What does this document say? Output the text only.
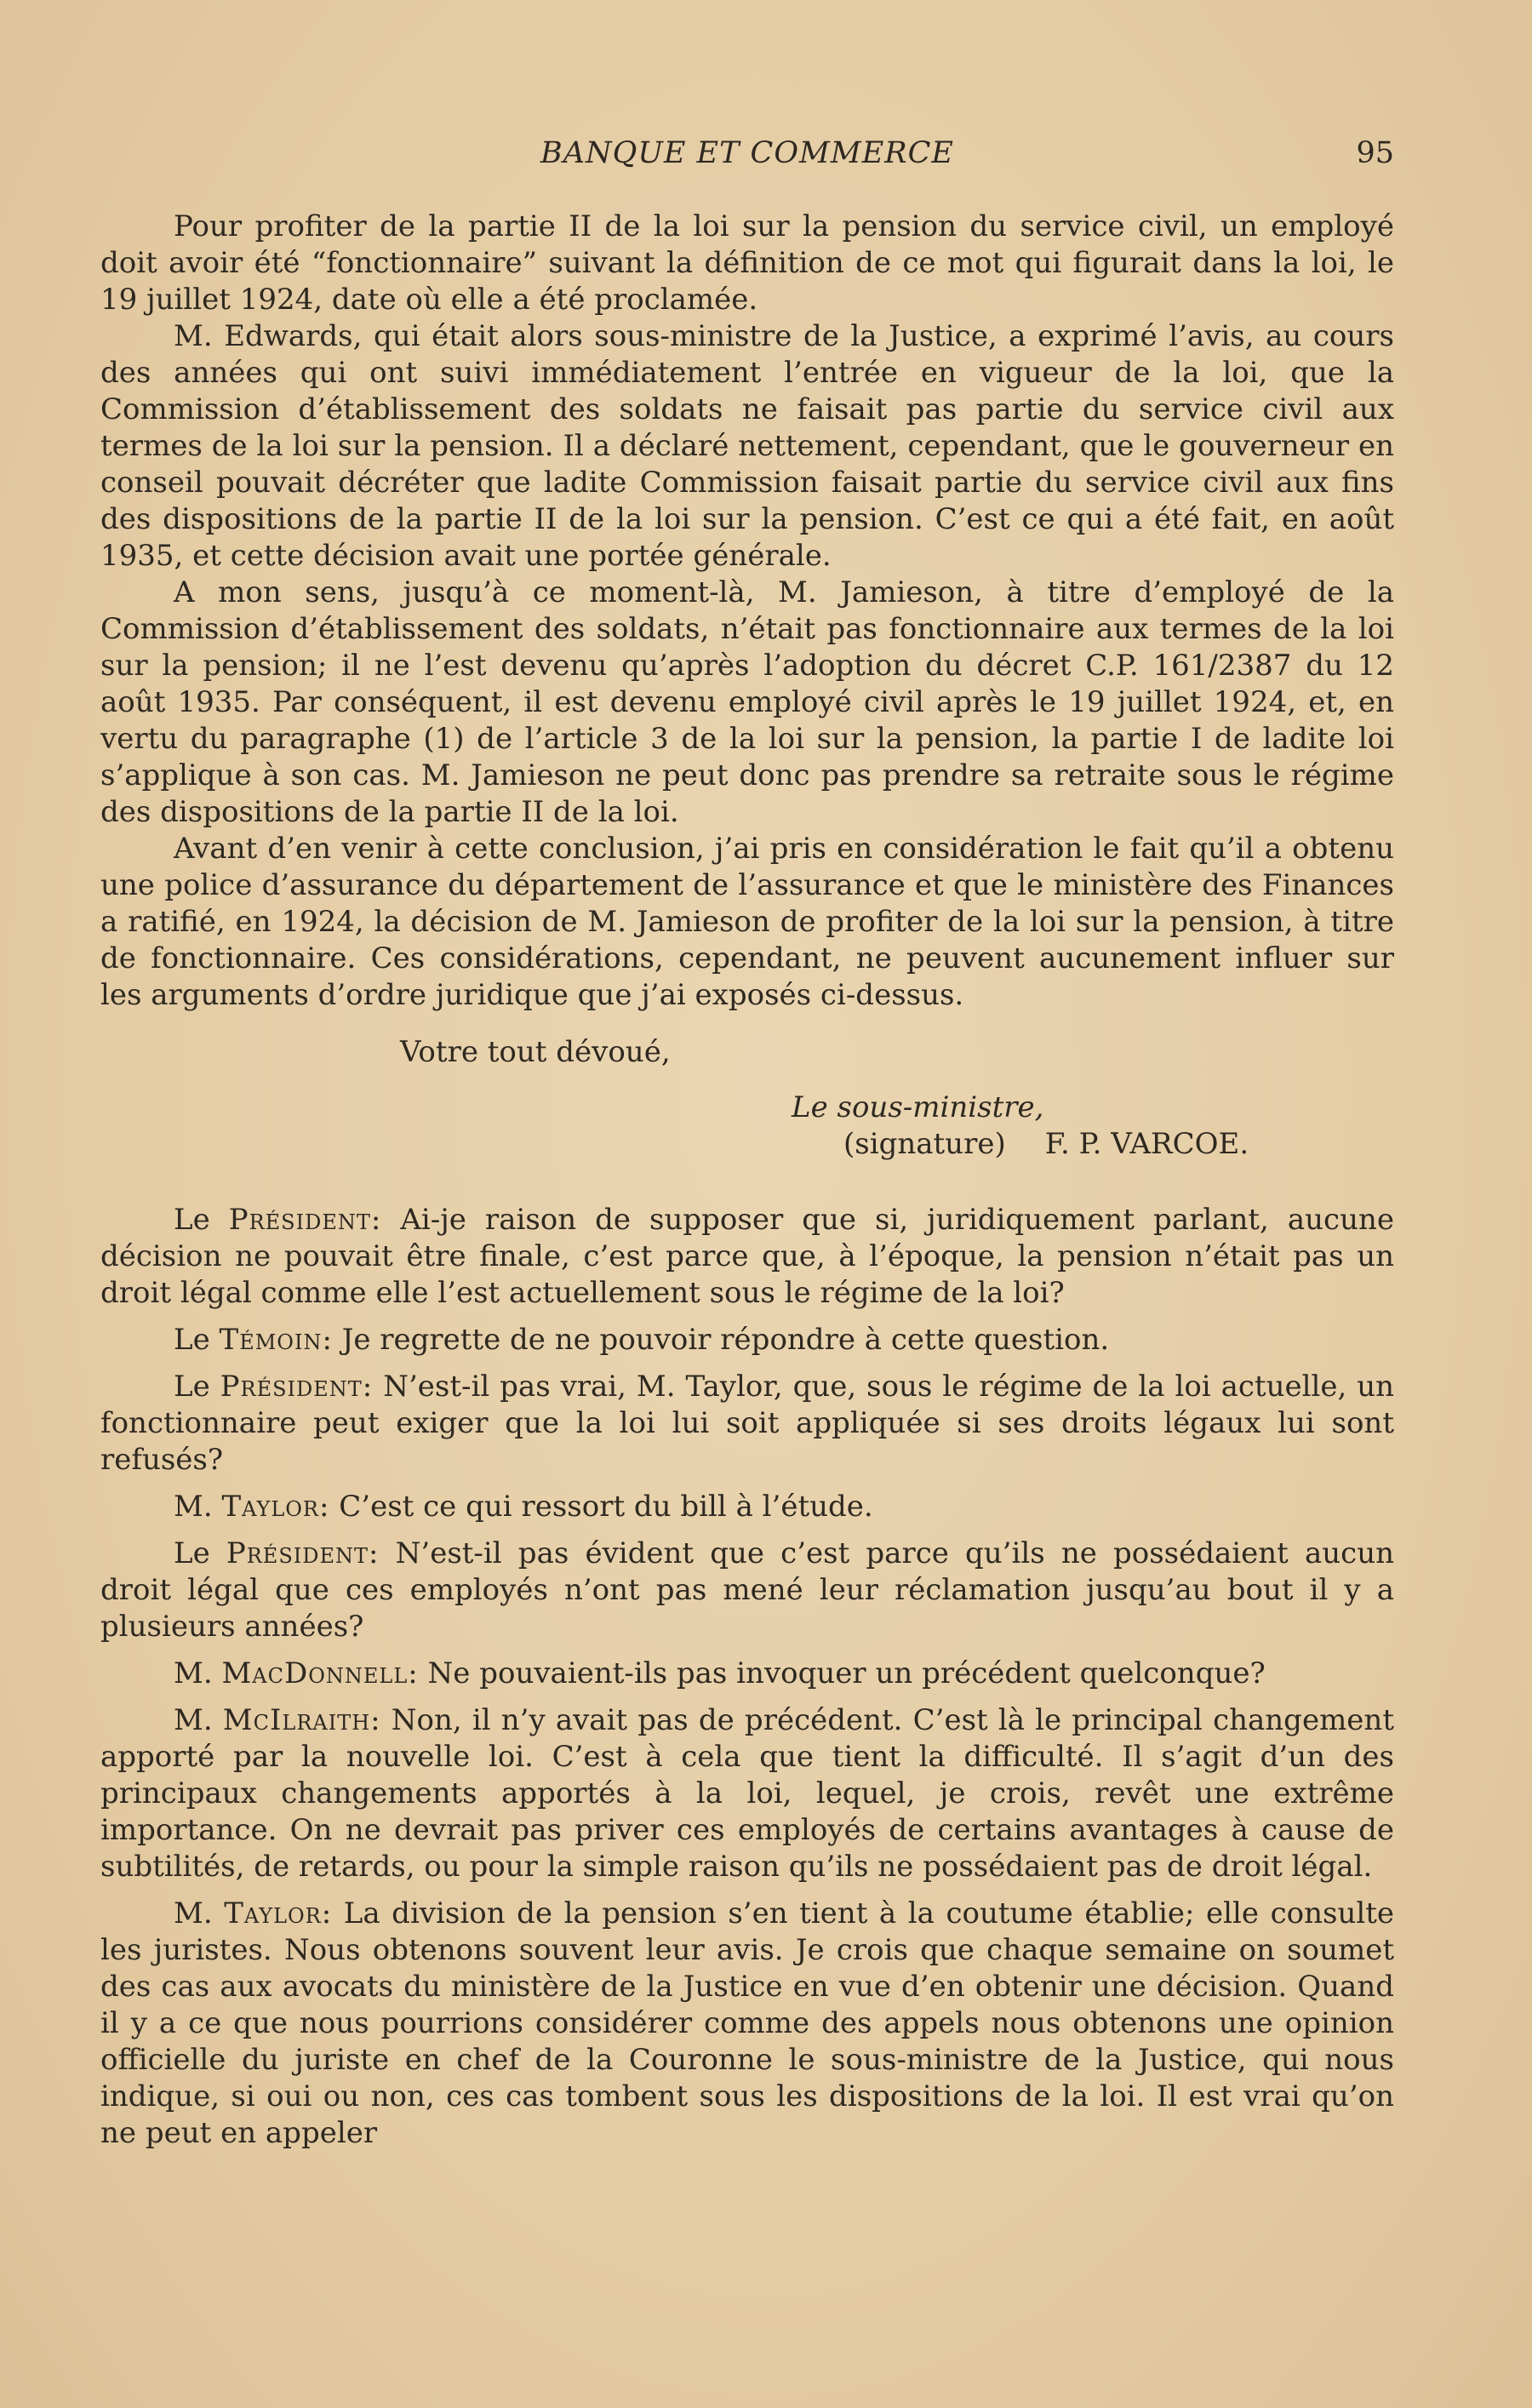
BANQUE ET COMMERCE	95

Pour profiter de la partie II de la loi sur la pension du service civil, un employé doit avoir été “fonctionnaire” suivant la définition de ce mot qui figurait dans la loi, le 19 juillet 1924, date où elle a été proclamée.

M. Edwards, qui était alors sous-ministre de la Justice, a exprimé l’avis, au cours des années qui ont suivi immédiatement l’entrée en vigueur de la loi, que la Commission d’établissement des soldats ne faisait pas partie du service civil aux termes de la loi sur la pension. Il a déclaré nettement, cependant, que le gouverneur en conseil pouvait décréter que ladite Commission faisait partie du service civil aux fins des dispositions de la partie II de la loi sur la pension. C’est ce qui a été fait, en août 1935, et cette décision avait une portée générale.

A mon sens, jusqu’à ce moment-là, M. Jamieson, à titre d’employé de la Commission d’établissement des soldats, n’était pas fonctionnaire aux termes de la loi sur la pension; il ne l’est devenu qu’après l’adoption du décret C.P. 161/2387 du 12 août 1935. Par conséquent, il est devenu employé civil après le 19 juillet 1924, et, en vertu du paragraphe (1) de l’article 3 de la loi sur la pension, la partie I de ladite loi s’applique à son cas. M. Jamieson ne peut donc pas prendre sa retraite sous le régime des dispositions de la partie II de la loi.

Avant d’en venir à cette conclusion, j’ai pris en considération le fait qu’il a obtenu une police d’assurance du département de l’assurance et que le ministère des Finances a ratifié, en 1924, la décision de M. Jamieson de profiter de la loi sur la pension, à titre de fonctionnaire. Ces considérations, cependant, ne peuvent aucunement influer sur les arguments d’ordre juridique que j’ai exposés ci-dessus.

Votre tout dévoué,
Le sous-ministre,
(signature) F. P. VARCOE.

Le Président: Ai-je raison de supposer que si, juridiquement parlant, aucune décision ne pouvait être finale, c’est parce que, à l’époque, la pension n’était pas un droit légal comme elle l’est actuellement sous le régime de la loi?

Le Témoin: Je regrette de ne pouvoir répondre à cette question.

Le Président: N’est-il pas vrai, M. Taylor, que, sous le régime de la loi actuelle, un fonctionnaire peut exiger que la loi lui soit appliquée si ses droits légaux lui sont refusés?

M. Taylor: C’est ce qui ressort du bill à l’étude.

Le Président: N’est-il pas évident que c’est parce qu’ils ne possédaient aucun droit légal que ces employés n’ont pas mené leur réclamation jusqu’au bout il y a plusieurs années?

M. MacDonnell: Ne pouvaient-ils pas invoquer un précédent quelconque?

M. McIlraith: Non, il n’y avait pas de précédent. C’est là le principal changement apporté par la nouvelle loi. C’est à cela que tient la difficulté. Il s’agit d’un des principaux changements apportés à la loi, lequel, je crois, revêt une extrême importance. On ne devrait pas priver ces employés de certains avantages à cause de subtilités, de retards, ou pour la simple raison qu’ils ne possédaient pas de droit légal.

M. Taylor: La division de la pension s’en tient à la coutume établie; elle consulte les juristes. Nous obtenons souvent leur avis. Je crois que chaque semaine on soumet des cas aux avocats du ministère de la Justice en vue d’en obtenir une décision. Quand il y a ce que nous pourrions considérer comme des appels nous obtenons une opinion officielle du juriste en chef de la Couronne le sous-ministre de la Justice, qui nous indique, si oui ou non, ces cas tombent sous les dispositions de la loi. Il est vrai qu’on ne peut en appeler
